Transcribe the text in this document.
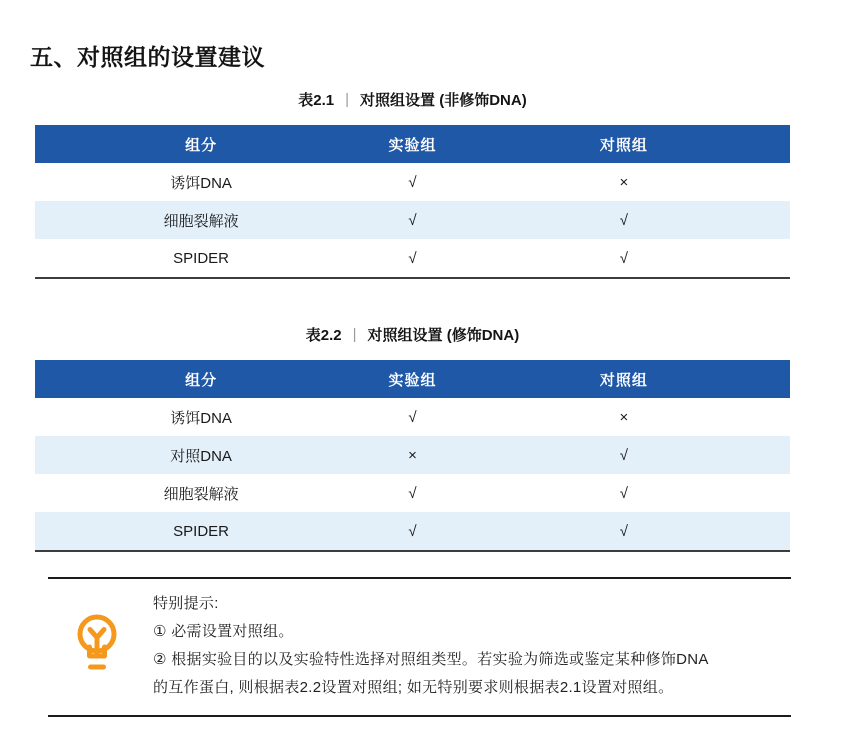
五、对照组的设置建议
表2.1 | 对照组设置 (非修饰DNA)
组分	实验组	对照组
诱饵DNA	√	×
细胞裂解液	√	√
SPIDER	√	√
表2.2 | 对照组设置 (修饰DNA)
组分	实验组	对照组
诱饵DNA	√	×
对照DNA	×	√
细胞裂解液	√	√
SPIDER	√	√

特别提示:

① 必需设置对照组。

② 根据实验目的以及实验特性选择对照组类型。若实验为筛选或鉴定某种修饰DNA

的互作蛋白, 则根据表2.2设置对照组; 如无特别要求则根据表2.1设置对照组。
